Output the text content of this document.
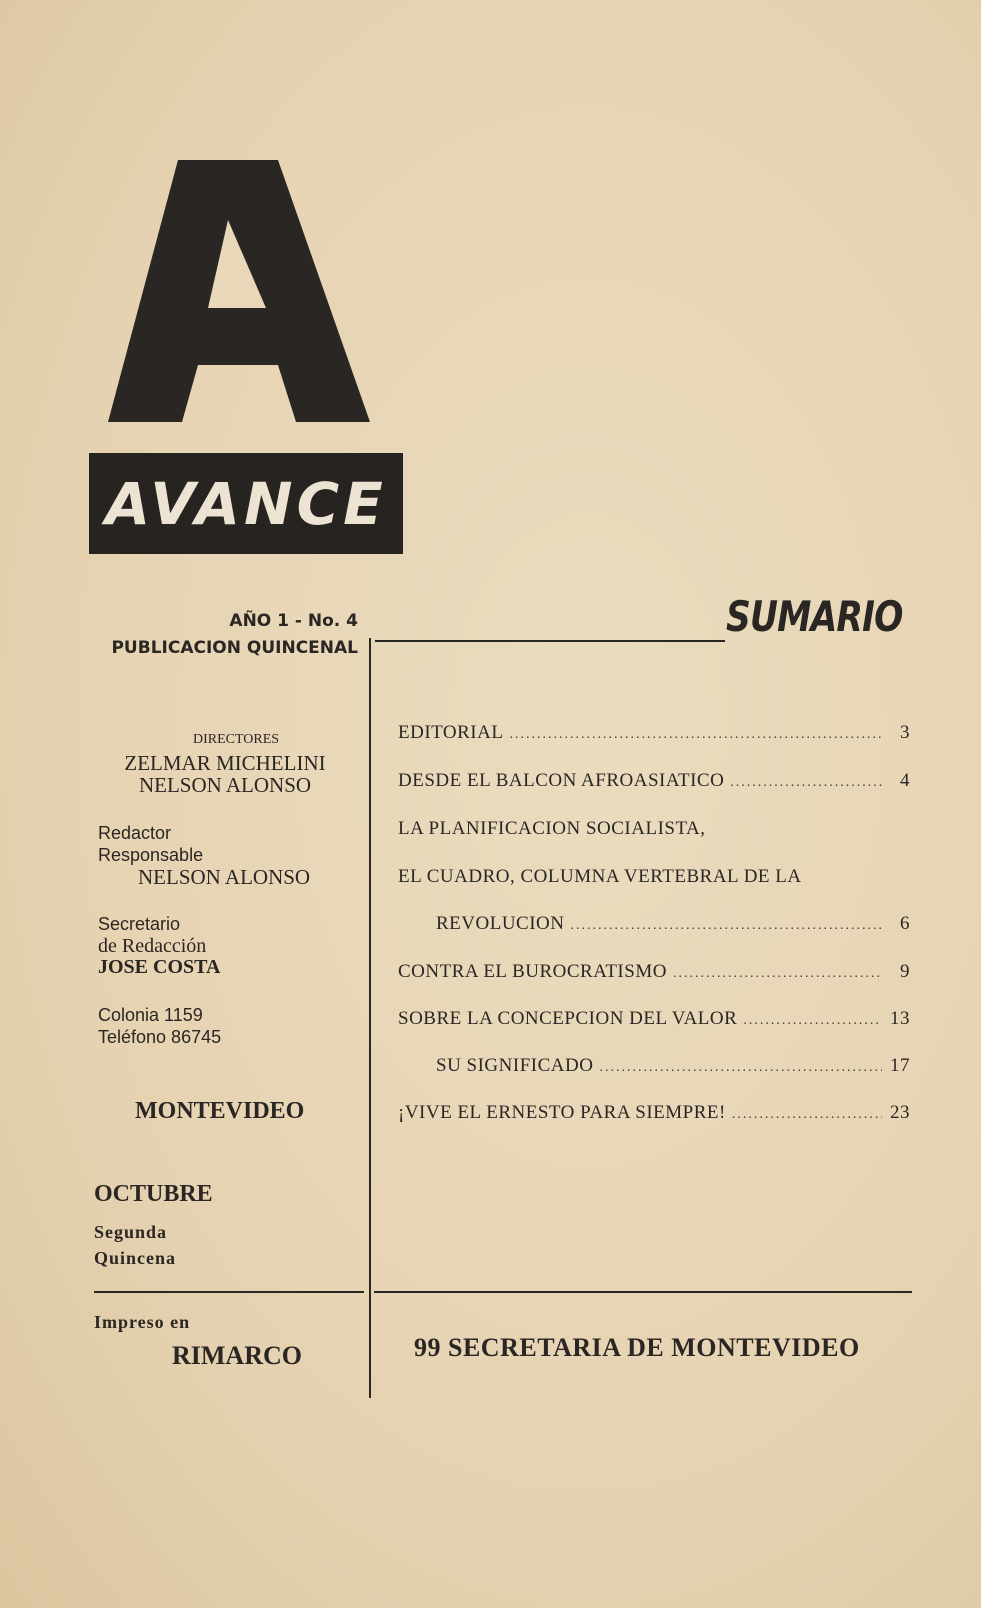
AVANCE
AÑO 1 - No. 4
PUBLICACION QUINCENAL
SUMARIO
DIRECTORES
ZELMAR MICHELINI
NELSON ALONSO
Redactor
Responsable
NELSON ALONSO
Secretario
de Redacción
JOSE COSTA
Colonia 1159
Teléfono 86745
MONTEVIDEO
OCTUBRE
Segunda
Quincena
Impreso en
RIMARCO
EDITORIAL .....	3
DESDE EL BALCON AFROASIATICO .....	4
LA PLANIFICACION SOCIALISTA,
EL CUADRO, COLUMNA VERTEBRAL DE LA
REVOLUCION .....	6
CONTRA EL BUROCRATISMO .....	9
SOBRE LA CONCEPCION DEL VALOR .....	13
SU SIGNIFICADO .....	17
¡VIVE EL ERNESTO PARA SIEMPRE! .....	23
99 SECRETARIA DE MONTEVIDEO
